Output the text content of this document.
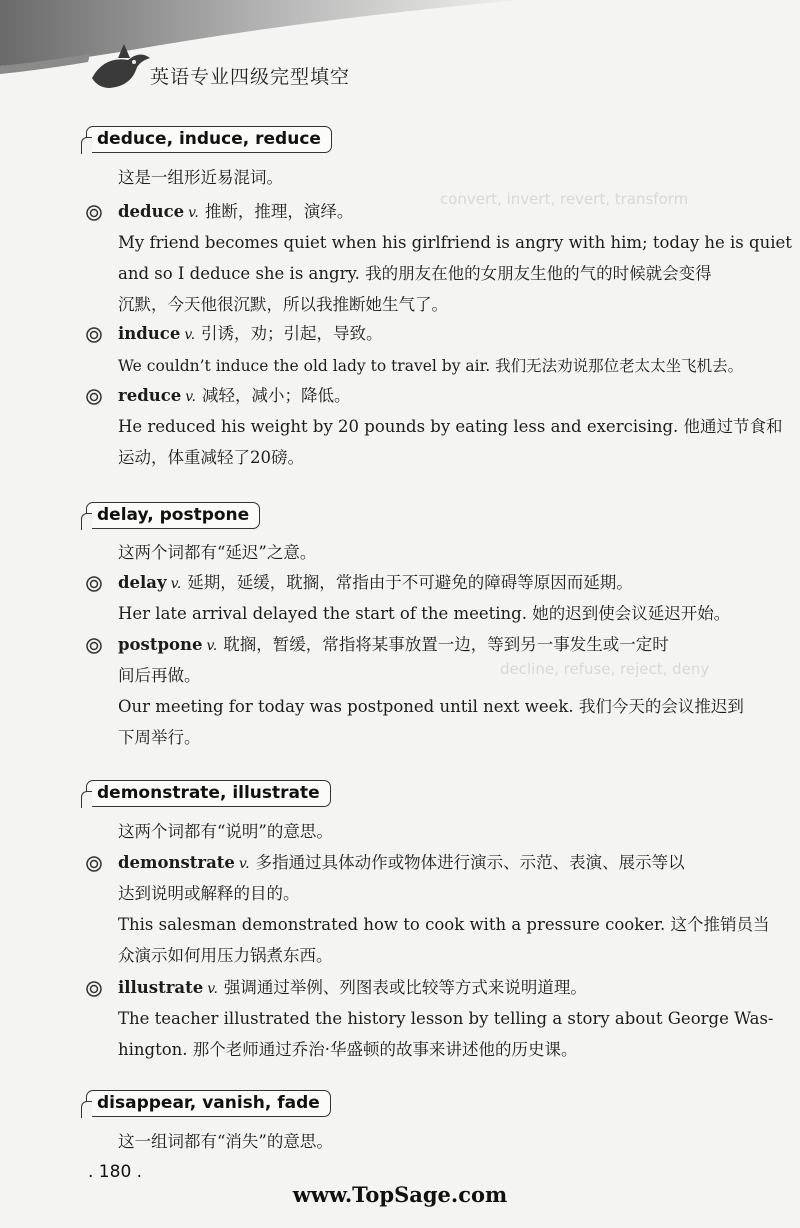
英语专业四级完型填空
convert, invert, revert, transform
decline, refuse, reject, deny
deduce, induce, reduce
这是一组形近易混词。
deduce v. 推断，推理，演绎。
My friend becomes quiet when his girlfriend is angry with him; today he is quiet
and so I deduce she is angry. 我的朋友在他的女朋友生他的气的时候就会变得
沉默，今天他很沉默，所以我推断她生气了。
induce v. 引诱，劝；引起，导致。
We couldn’t induce the old lady to travel by air. 我们无法劝说那位老太太坐飞机去。
reduce v. 减轻，减小；降低。
He reduced his weight by 20 pounds by eating less and exercising. 他通过节食和
运动，体重减轻了20磅。
delay, postpone
这两个词都有“延迟”之意。
delay v. 延期，延缓，耽搁，常指由于不可避免的障碍等原因而延期。
Her late arrival delayed the start of the meeting. 她的迟到使会议延迟开始。
postpone v. 耽搁，暂缓，常指将某事放置一边，等到另一事发生或一定时
间后再做。
Our meeting for today was postponed until next week. 我们今天的会议推迟到
下周举行。
demonstrate, illustrate
这两个词都有“说明”的意思。
demonstrate v. 多指通过具体动作或物体进行演示、示范、表演、展示等以
达到说明或解释的目的。
This salesman demonstrated how to cook with a pressure cooker. 这个推销员当
众演示如何用压力锅煮东西。
illustrate v. 强调通过举例、列图表或比较等方式来说明道理。
The teacher illustrated the history lesson by telling a story about George Was-
hington. 那个老师通过乔治·华盛顿的故事来讲述他的历史课。
disappear, vanish, fade
这一组词都有“消失”的意思。
. 180 .
www.TopSage.com
